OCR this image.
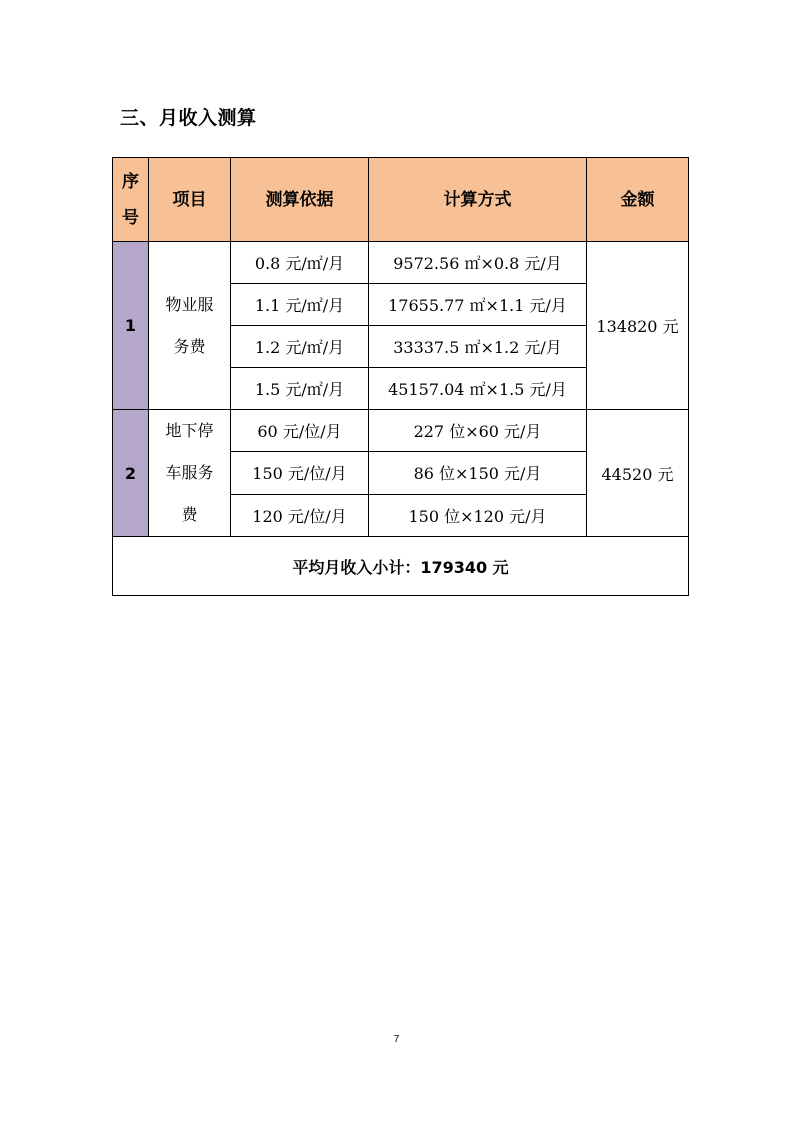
三、月收入测算
序号	项目	测算依据	计算方式	金额
1	物业服务费	0.8 元/㎡/月	9572.56 ㎡×0.8 元/月	134820 元
		1.1 元/㎡/月	17655.77 ㎡×1.1 元/月	
		1.2 元/㎡/月	33337.5 ㎡×1.2 元/月	
		1.5 元/㎡/月	45157.04 ㎡×1.5 元/月	
2	地下停车服务费	60 元/位/月	227 位×60 元/月	44520 元
		150 元/位/月	86 位×150 元/月	
		120 元/位/月	150 位×120 元/月	
平均月收入小计：179340 元				
7
